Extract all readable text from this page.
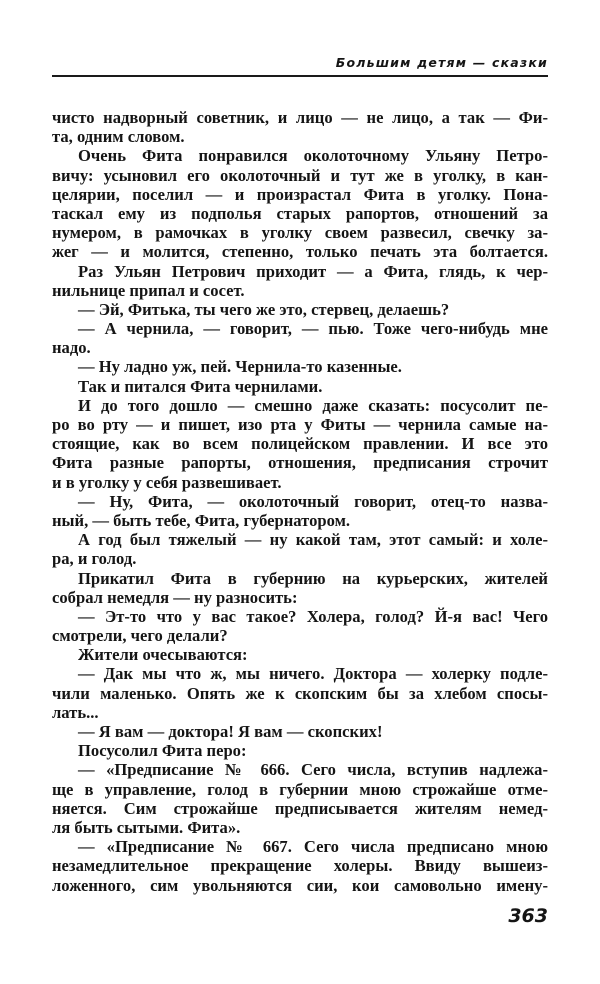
Большим детям — сказки
чисто надворный советник, и лицо — не лицо, а так — Фи-
та, одним словом.
Очень Фита понравился околоточному Ульяну Петро-
вичу: усыновил его околоточный и тут же в уголку, в кан-
целярии, поселил — и произрастал Фита в уголку. Пона-
таскал ему из подполья старых рапортов, отношений за
нумером, в рамочках в уголку своем развесил, свечку за-
жег — и молится, степенно, только печать эта болтается.
Раз Ульян Петрович приходит — а Фита, глядь, к чер-
нильнице припал и сосет.
— Эй, Фитька, ты чего же это, стервец, делаешь?
— А чернила, — говорит, — пью. Тоже чего-нибудь мне
надо.
— Ну ладно уж, пей. Чернила-то казенные.
Так и питался Фита чернилами.
И до того дошло — смешно даже сказать: посусолит пе-
ро во рту — и пишет, изо рта у Фиты — чернила самые на-
стоящие, как во всем полицейском правлении. И все это
Фита разные рапорты, отношения, предписания строчит
и в уголку у себя развешивает.
— Ну, Фита, — околоточный говорит, отец-то назва-
ный, — быть тебе, Фита, губернатором.
А год был тяжелый — ну какой там, этот самый: и холе-
ра, и голод.
Прикатил Фита в губернию на курьерских, жителей
собрал немедля — ну разносить:
— Эт-то что у вас такое? Холера, голод? Й-я вас! Чего
смотрели, чего делали?
Жители очесываются:
— Дак мы что ж, мы ничего. Доктора — холерку подле-
чили маленько. Опять же к скопским бы за хлебом спосы-
лать...
— Я вам — доктора! Я вам — скопских!
Посусолил Фита перо:
— «Предписание № 666. Сего числа, вступив надлежа-
ще в управление, голод в губернии мною строжайше отме-
няется. Сим строжайше предписывается жителям немед-
ля быть сытыми. Фита».
— «Предписание № 667. Сего числа предписано мною
незамедлительное прекращение холеры. Ввиду вышеиз-
ложенного, сим увольняются сии, кои самовольно имену-
363
